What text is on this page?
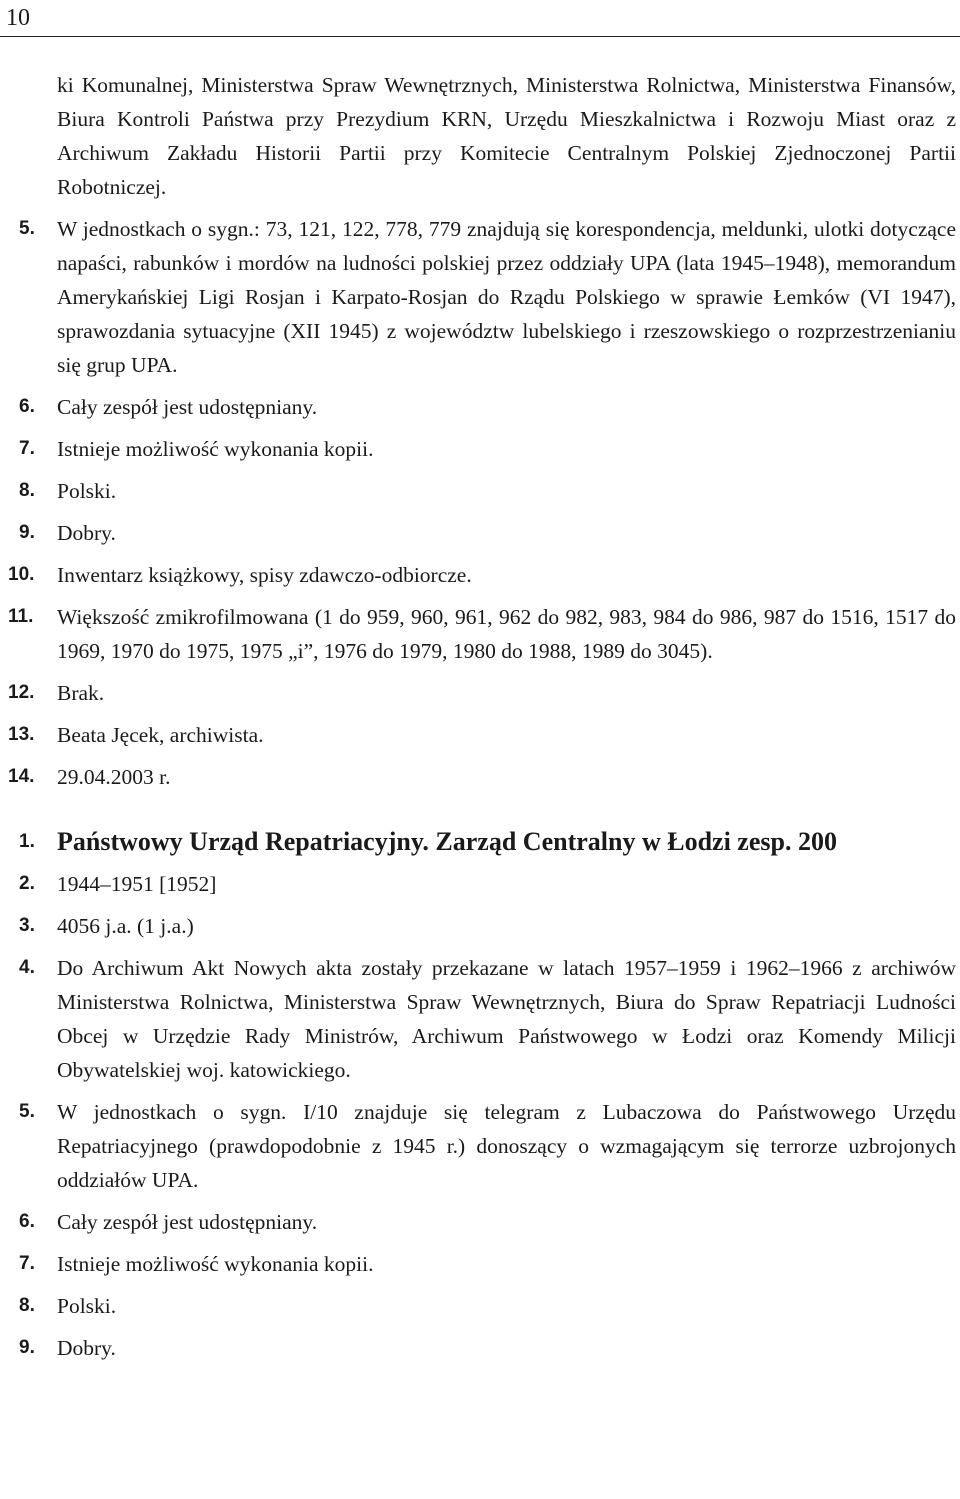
10

ki Komunalnej, Ministerstwa Spraw Wewnętrznych, Ministerstwa Rolnictwa, Ministerstwa Finansów, Biura Kontroli Państwa przy Prezydium KRN, Urzędu Mieszkalnictwa i Rozwoju Miast oraz z Archiwum Zakładu Historii Partii przy Komitecie Centralnym Polskiej Zjednoczonej Partii Robotniczej.

5. W jednostkach o sygn.: 73, 121, 122, 778, 779 znajdują się korespondencja, meldunki, ulotki dotyczące napaści, rabunków i mordów na ludności polskiej przez oddziały UPA (lata 1945–1948), memorandum Amerykańskiej Ligi Rosjan i Karpato-Rosjan do Rządu Polskiego w sprawie Łemków (VI 1947), sprawozdania sytuacyjne (XII 1945) z województw lubelskiego i rzeszowskiego o rozprzestrzenianiu się grup UPA.

6. Cały zespół jest udostępniany.

7. Istnieje możliwość wykonania kopii.

8. Polski.

9. Dobry.

10. Inwentarz książkowy, spisy zdawczo-odbiorcze.

11. Większość zmikrofilmowana (1 do 959, 960, 961, 962 do 982, 983, 984 do 986, 987 do 1516, 1517 do 1969, 1970 do 1975, 1975 „i”, 1976 do 1979, 1980 do 1988, 1989 do 3045).

12. Brak.

13. Beata Jęcek, archiwista.

14. 29.04.2003 r.

1. Państwowy Urząd Repatriacyjny. Zarząd Centralny w Łodzi zesp. 200

2. 1944–1951 [1952]

3. 4056 j.a. (1 j.a.)

4. Do Archiwum Akt Nowych akta zostały przekazane w latach 1957–1959 i 1962–1966 z archiwów Ministerstwa Rolnictwa, Ministerstwa Spraw Wewnętrznych, Biura do Spraw Repatriacji Ludności Obcej w Urzędzie Rady Ministrów, Archiwum Państwowego w Łodzi oraz Komendy Milicji Obywatelskiej woj. katowickiego.

5. W jednostkach o sygn. I/10 znajduje się telegram z Lubaczowa do Państwowego Urzędu Repatriacyjnego (prawdopodobnie z 1945 r.) donoszący o wzmagającym się terrorze uzbrojonych oddziałów UPA.

6. Cały zespół jest udostępniany.

7. Istnieje możliwość wykonania kopii.

8. Polski.

9. Dobry.
